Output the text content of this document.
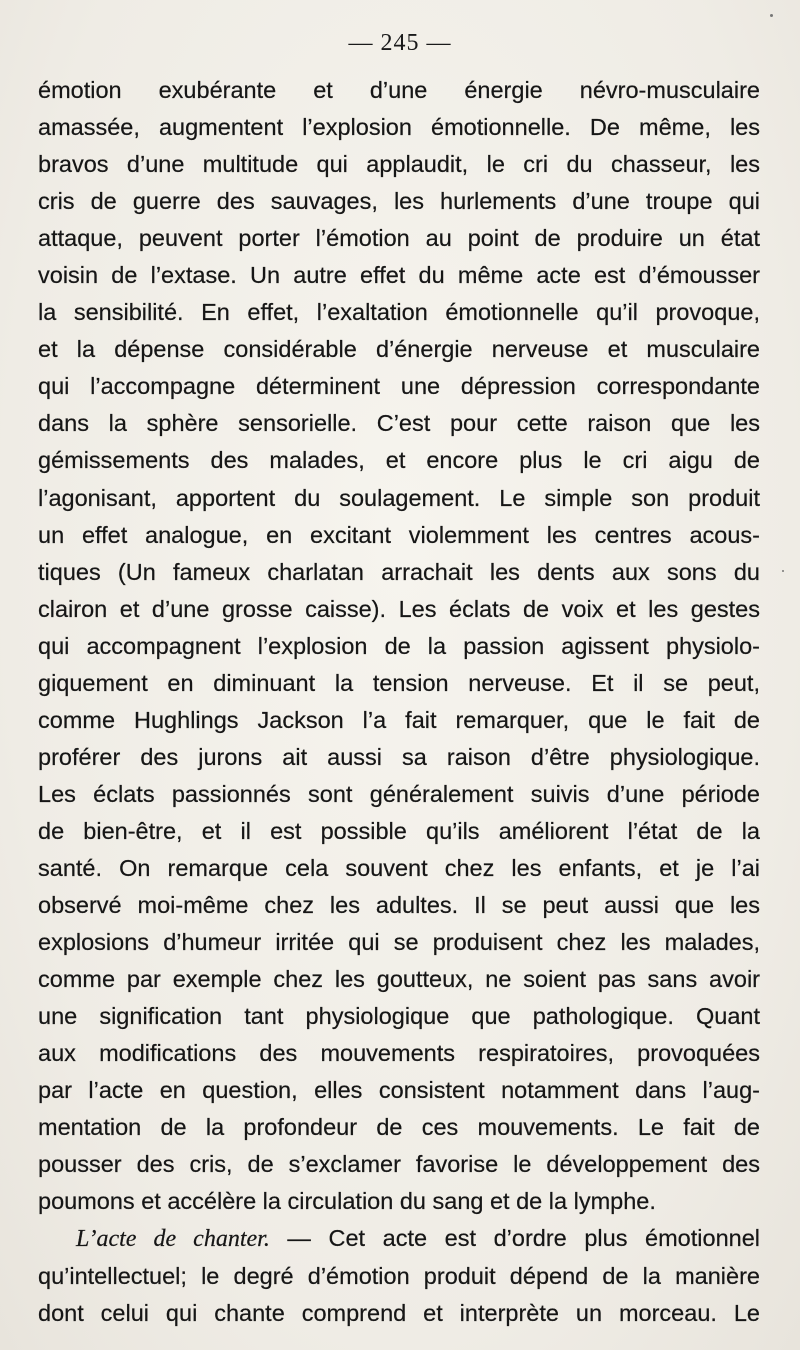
— 245 —
émotion exubérante et d’une énergie névro-musculaire
amassée, augmentent l’explosion émotionnelle. De même, les
bravos d’une multitude qui applaudit, le cri du chasseur, les
cris de guerre des sauvages, les hurlements d’une troupe qui
attaque, peuvent porter l’émotion au point de produire un état
voisin de l’extase. Un autre effet du même acte est d’émousser
la sensibilité. En effet, l’exaltation émotionnelle qu’il provoque,
et la dépense considérable d’énergie nerveuse et musculaire
qui l’accompagne déterminent une dépression correspondante
dans la sphère sensorielle. C’est pour cette raison que les
gémissements des malades, et encore plus le cri aigu de
l’agonisant, apportent du soulagement. Le simple son produit
un effet analogue, en excitant violemment les centres acous-
tiques (Un fameux charlatan arrachait les dents aux sons du
clairon et d’une grosse caisse). Les éclats de voix et les gestes
qui accompagnent l’explosion de la passion agissent physiolo-
giquement en diminuant la tension nerveuse. Et il se peut,
comme Hughlings Jackson l’a fait remarquer, que le fait de
proférer des jurons ait aussi sa raison d’être physiologique.
Les éclats passionnés sont généralement suivis d’une période
de bien-être, et il est possible qu’ils améliorent l’état de la
santé. On remarque cela souvent chez les enfants, et je l’ai
observé moi-même chez les adultes. Il se peut aussi que les
explosions d’humeur irritée qui se produisent chez les malades,
comme par exemple chez les goutteux, ne soient pas sans avoir
une signification tant physiologique que pathologique. Quant
aux modifications des mouvements respiratoires, provoquées
par l’acte en question, elles consistent notamment dans l’aug-
mentation de la profondeur de ces mouvements. Le fait de
pousser des cris, de s’exclamer favorise le développement des
poumons et accélère la circulation du sang et de la lymphe.
L’acte de chanter. — Cet acte est d’ordre plus émotionnel
qu’intellectuel; le degré d’émotion produit dépend de la manière
dont celui qui chante comprend et interprète un morceau. Le
